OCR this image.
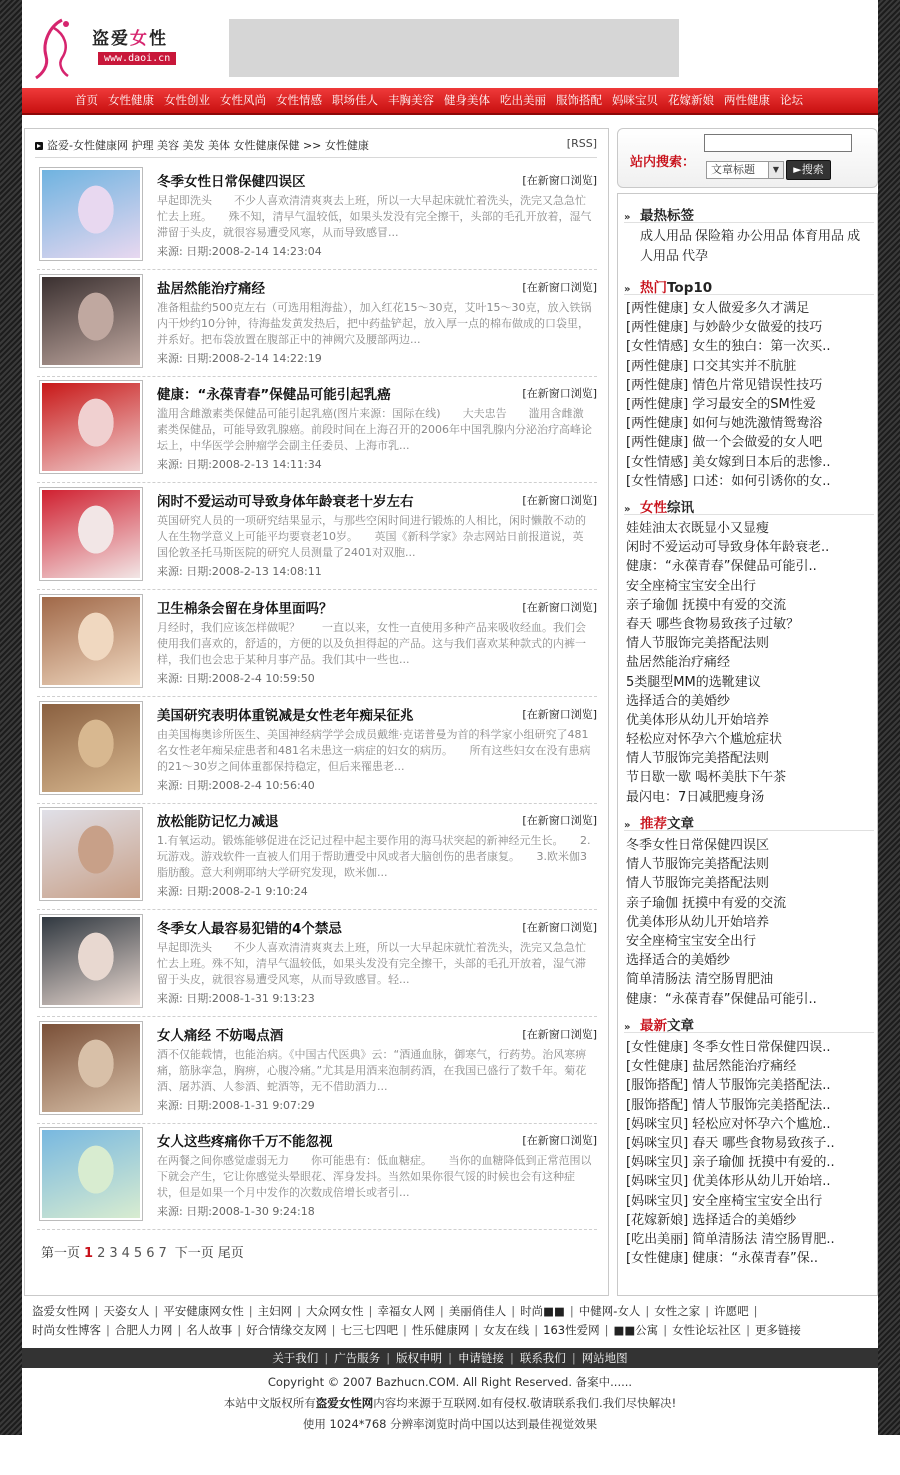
盗爱女性
www.daoi.cn
首页 女性健康 女性创业 女性风尚 女性情感 职场佳人 丰胸美容 健身美体 吃出美丽 服饰搭配 妈咪宝贝 花嫁新娘 两性健康 论坛
盗爱-女性健康网 护理 美容 美发 美体 女性健康保健 >> 女性健康	[RSS]
冬季女性日常保健四误区	[在新窗口浏览]
早起即洗头　　不少人喜欢清清爽爽去上班，所以一大早起床就忙着洗头，洗完又急急忙忙去上班。　　殊不知，清早气温较低，如果头发没有完全擦干，头部的毛孔开放着，湿气滞留于头皮，就很容易遭受风寒，从而导致感冒...
来源: 日期:2008-2-14 14:23:04
盐居然能治疗痛经	[在新窗口浏览]
准备粗盐约500克左右（可选用粗海盐），加入红花15～30克，艾叶15～30克，放入铁锅内干炒约10分钟，待海盐发黄发热后，把中药盐铲起，放入厚一点的棉布做成的口袋里，并系好。把布袋放置在腹部正中的神阙穴及腰部两边...
来源: 日期:2008-2-14 14:22:19
健康：“永葆青春”保健品可能引起乳癌	[在新窗口浏览]
滥用含雌激素类保健品可能引起乳癌(图片来源：国际在线)　　大夫忠告　　滥用含雌激素类保健品，可能导致乳腺癌。前段时间在上海召开的2006年中国乳腺内分泌治疗高峰论坛上，中华医学会肿瘤学会副主任委员、上海市乳...
来源: 日期:2008-2-13 14:11:34
闲时不爱运动可导致身体年龄衰老十岁左右	[在新窗口浏览]
英国研究人员的一项研究结果显示，与那些空闲时间进行锻炼的人相比，闲时懒散不动的人在生物学意义上可能平均要衰老10岁。　　英国《新科学家》杂志网站日前报道说，英国伦敦圣托马斯医院的研究人员测量了2401对双胞...
来源: 日期:2008-2-13 14:08:11
卫生棉条会留在身体里面吗？	[在新窗口浏览]
月经时，我们应该怎样做呢？　　一直以来，女性一直使用多种产品来吸收经血。我们会使用我们喜欢的，舒适的，方便的以及负担得起的产品。这与我们喜欢某种款式的内裤一样，我们也会忠于某种月事产品。我们其中一些也...
来源: 日期:2008-2-4 10:59:50
美国研究表明体重锐减是女性老年痴呆征兆	[在新窗口浏览]
由美国梅奥诊所医生、美国神经病学学会成员戴维·克诺普曼为首的科学家小组研究了481名女性老年痴呆症患者和481名未患这一病症的妇女的病历。　　所有这些妇女在没有患病的21～30岁之间体重都保持稳定，但后来罹患老...
来源: 日期:2008-2-4 10:56:40
放松能防记忆力减退	[在新窗口浏览]
1.有氧运动。锻炼能够促进在泛记过程中起主要作用的海马状突起的新神经元生长。　　2.玩游戏。游戏软件一直被人们用于帮助遭受中风或者大脑创伤的患者康复。　　3.欧米伽3脂肪酸。意大利朔耶纳大学研究发现，欧米伽...
来源: 日期:2008-2-1 9:10:24
冬季女人最容易犯错的4个禁忌	[在新窗口浏览]
早起即洗头　　不少人喜欢清清爽爽去上班，所以一大早起床就忙着洗头，洗完又急急忙忙去上班。殊不知，清早气温较低，如果头发没有完全擦干，头部的毛孔开放着，湿气滞留于头皮，就很容易遭受风寒，从而导致感冒。轻...
来源: 日期:2008-1-31 9:13:23
女人痛经 不妨喝点酒	[在新窗口浏览]
酒不仅能载情，也能治病。《中国古代医典》云：“酒通血脉，御寒气，行药势。治风寒痹痛，筋脉挛急，胸痹，心腹冷痛。”尤其是用酒来泡制药酒，在我国已盛行了数千年。菊花酒、屠苏酒、人参酒、蛇酒等，无不借助酒力...
来源: 日期:2008-1-31 9:07:29
女人这些疼痛你千万不能忽视	[在新窗口浏览]
在两餐之间你感觉虚弱无力　　你可能患有：低血糖症。　　当你的血糖降低到正常范围以下就会产生，它让你感觉头晕眼花、浑身发抖。当然如果你很气馁的时候也会有这种症状，但是如果一个月中发作的次数成倍增长或者引...
来源: 日期:2008-1-30 9:24:18
第一页 1 2 3 4 5 6 7 下一页 尾页
站内搜索：	文章标题	▼	►搜索
» 最热标签
成人用品 保险箱 办公用品 体育用品 成人用品 代孕
» 热门Top10
[两性健康] 女人做爱多久才满足
[两性健康] 与妙龄少女做爱的技巧
[女性情感] 女生的独白：第一次买..
[两性健康] 口交其实并不肮脏
[两性健康] 情色片常见错误性技巧
[两性健康] 学习最安全的SM性爱
[两性健康] 如何与她洗激情鸳鸯浴
[两性健康] 做一个会做爱的女人吧
[女性情感] 美女嫁到日本后的悲惨..
[女性情感] 口述：如何引诱你的女..
» 女性综讯
娃娃油太衣既显小又显瘦
闲时不爱运动可导致身体年龄衰老..
健康：“永葆青春”保健品可能引..
安全座椅宝宝安全出行
亲子瑜伽 抚摸中有爱的交流
春天 哪些食物易致孩子过敏？
情人节服饰完美搭配法则
盐居然能治疗痛经
5类腿型MM的选靴建议
选择适合的美婚纱
优美体形从幼儿开始培养
轻松应对怀孕六个尴尬症状
情人节服饰完美搭配法则
节日歇一歇 喝杯美肤下午茶
最闪电：7日减肥瘦身汤
» 推荐文章
冬季女性日常保健四误区
情人节服饰完美搭配法则
情人节服饰完美搭配法则
亲子瑜伽 抚摸中有爱的交流
优美体形从幼儿开始培养
安全座椅宝宝安全出行
选择适合的美婚纱
简单清肠法 清空肠胃肥油
健康：“永葆青春”保健品可能引..
» 最新文章
[女性健康] 冬季女性日常保健四误..
[女性健康] 盐居然能治疗痛经
[服饰搭配] 情人节服饰完美搭配法..
[服饰搭配] 情人节服饰完美搭配法..
[妈咪宝贝] 轻松应对怀孕六个尴尬..
[妈咪宝贝] 春天 哪些食物易致孩子..
[妈咪宝贝] 亲子瑜伽 抚摸中有爱的..
[妈咪宝贝] 优美体形从幼儿开始培..
[妈咪宝贝] 安全座椅宝宝安全出行
[花嫁新娘] 选择适合的美婚纱
[吃出美丽] 简单清肠法 清空肠胃肥..
[女性健康] 健康：“永葆青春”保..
盗爱女性网 | 天姿女人 | 平安健康网女性 | 主妇网 | 大众网女性 | 幸福女人网 | 美丽俏佳人 | 时尚■■ | 中健网-女人 | 女性之家 | 许愿吧 |
时尚女性博客 | 合肥人力网 | 名人故事 | 好合情缘交友网 | 七三七四吧 | 性乐健康网 | 女友在线 | 163性爱网 | ■■公寓 | 女性论坛社区 | 更多链接
关于我们 | 广告服务 | 版权申明 | 申请链接 | 联系我们 | 网站地图
Copyright © 2007 Bazhucn.COM. All Right Reserved. 备案中......
本站中文版权所有盗爱女性网内容均来源于互联网.如有侵权.敬请联系我们.我们尽快解决!
使用 1024*768 分辨率浏览时尚中国以达到最佳视觉效果
